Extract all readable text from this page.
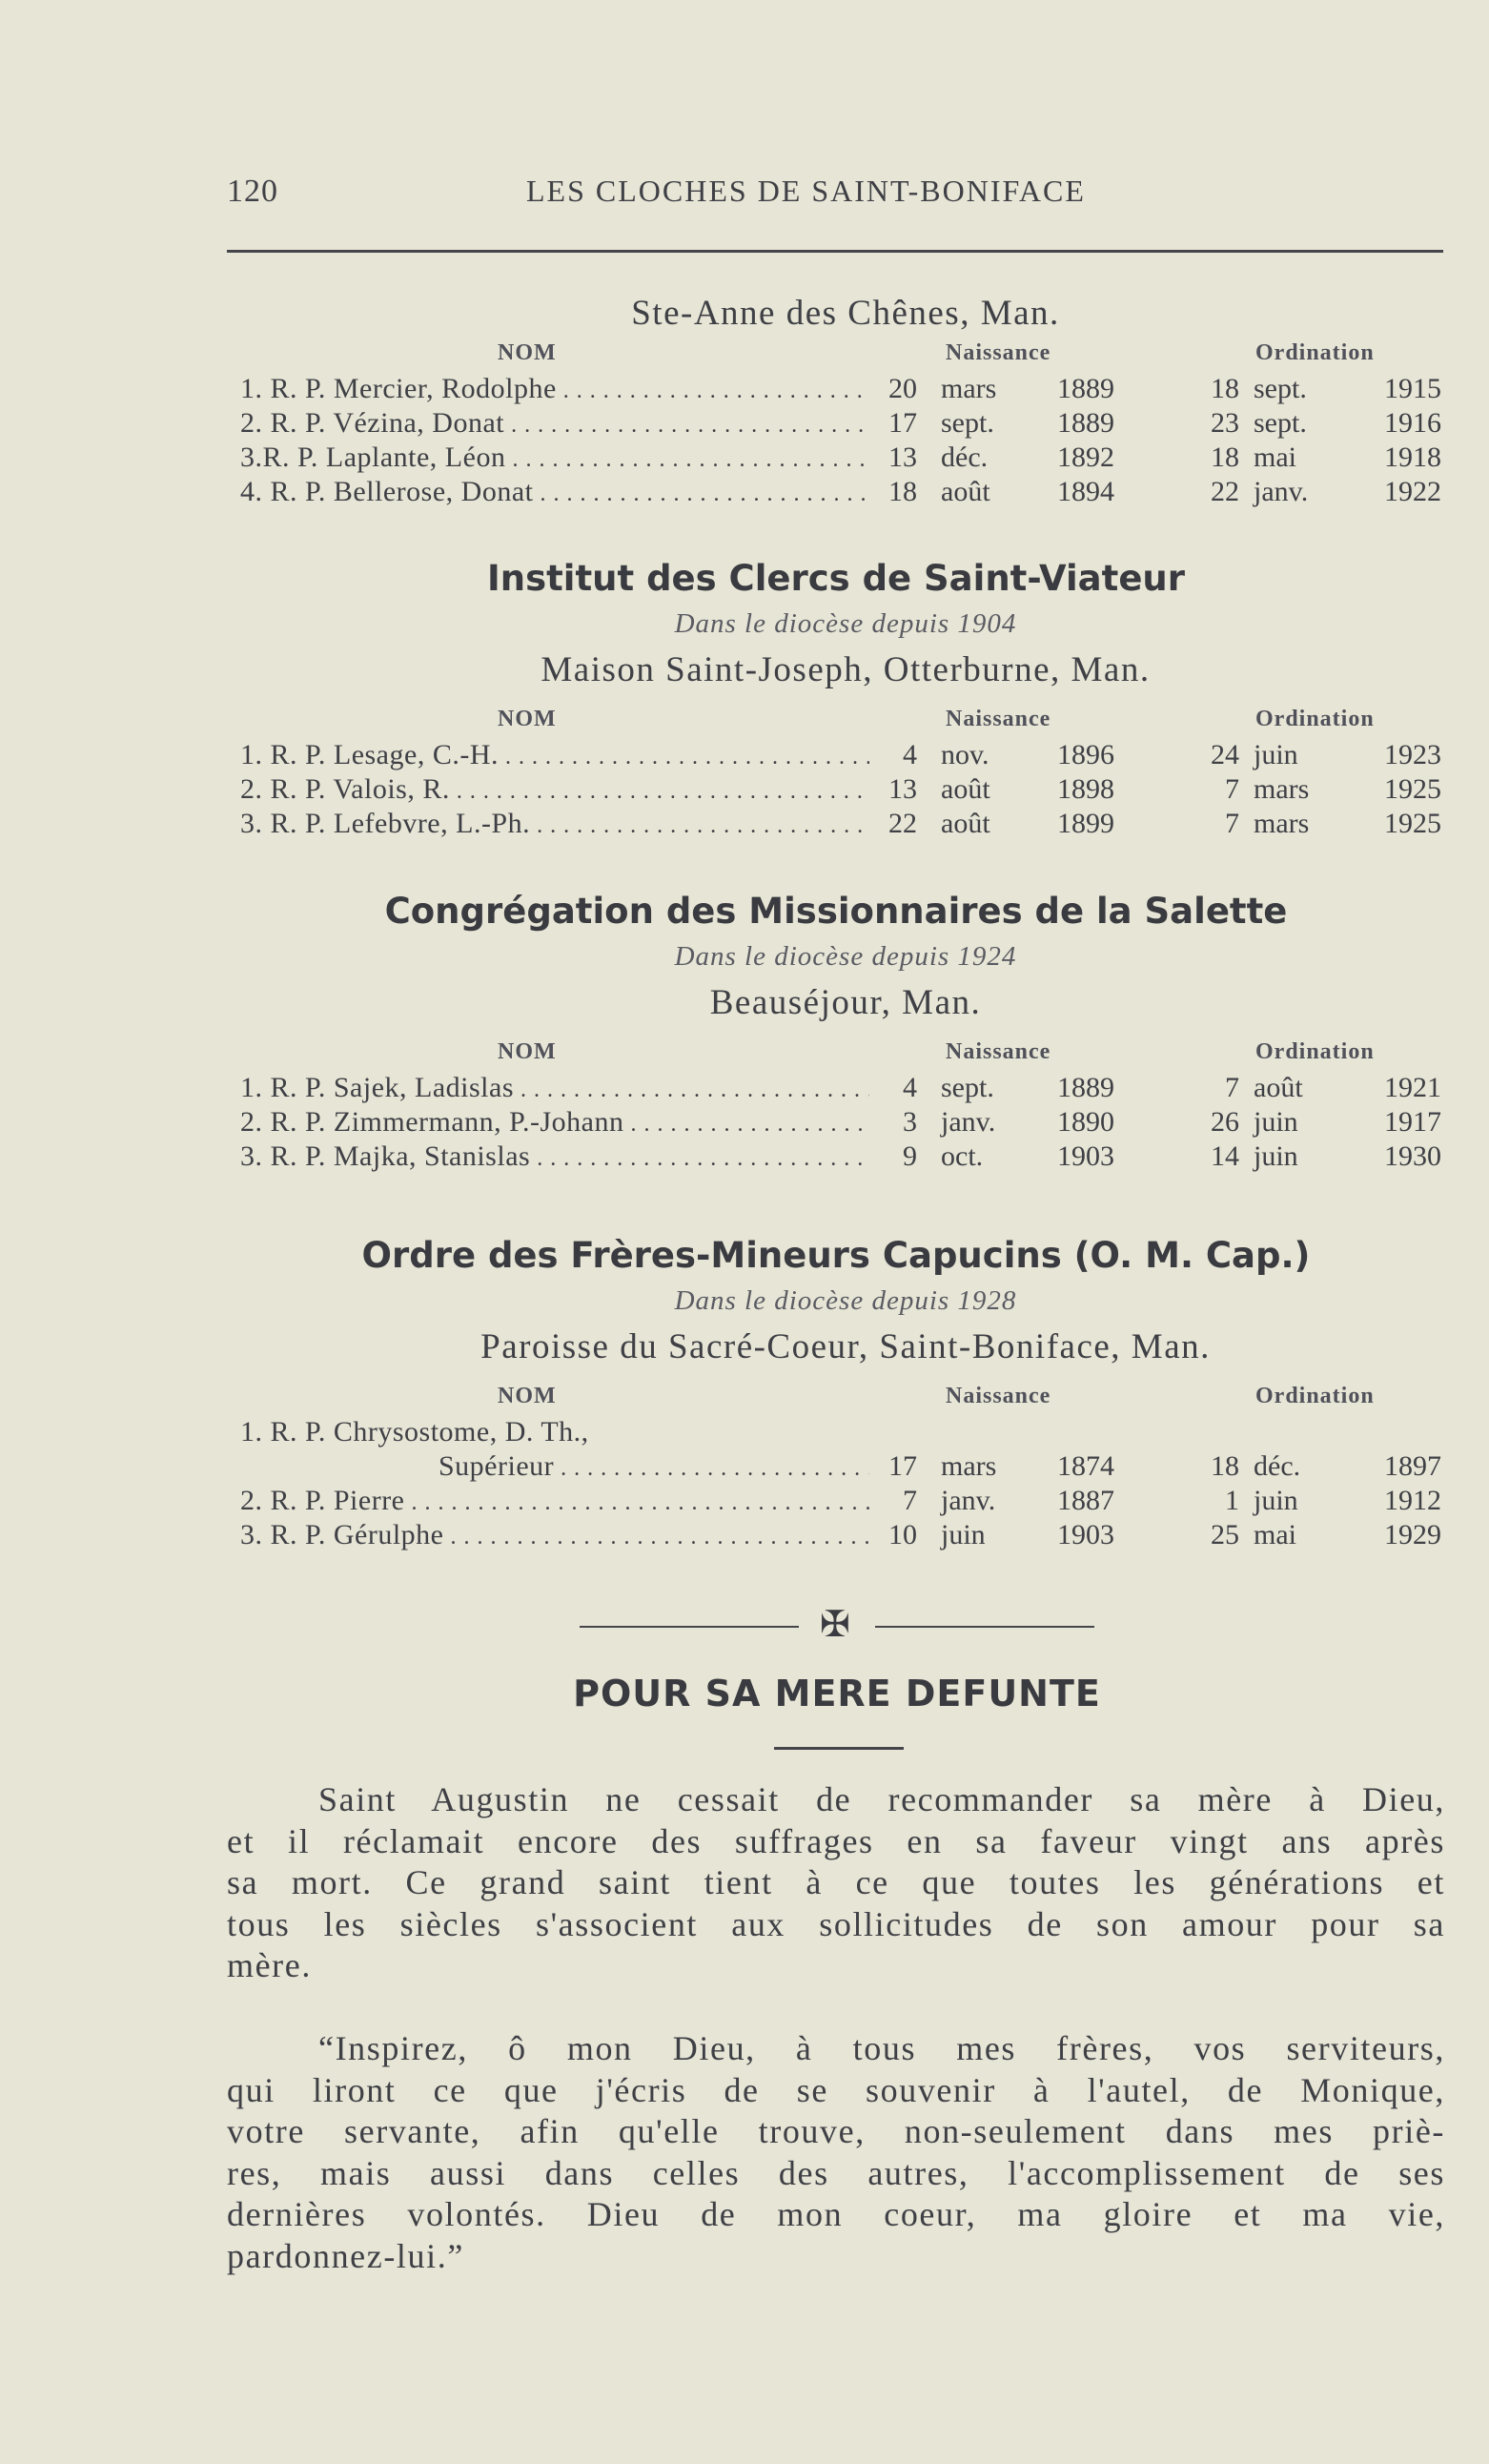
120	LES CLOCHES DE SAINT-BONIFACE
Ste-Anne des Chênes, Man.
NOM	Naissance	Ordination
1. R. P. Mercier, Rodolphe . . .	20 mars 1889	18 sept.	1915
2. R. P. Vézina, Donat . . .	17 sept. 1889	23 sept.	1916
3.R. P. Laplante, Léon . . .	13 déc. 1892	18 mai	1918
4. R. P. Bellerose, Donat . . .	18 août 1894	22 janv.	1922
Institut des Clercs de Saint-Viateur
Dans le diocèse depuis 1904
Maison Saint-Joseph, Otterburne, Man.
NOM	Naissance	Ordination
1. R. P. Lesage, C.-H. . . .	4 nov. 1896	24 juin	1923
2. R. P. Valois, R. . . .	13 août 1898	7 mars	1925
3. R. P. Lefebvre, L.-Ph. . . .	22 août 1899	7 mars	1925
Congrégation des Missionnaires de la Salette
Dans le diocèse depuis 1924
Beauséjour, Man.
NOM	Naissance	Ordination
1. R. P. Sajek, Ladislas . . .	4 sept. 1889	7 août	1921
2. R. P. Zimmermann, P.-Johann . . .	3 janv. 1890	26 juin	1917
3. R. P. Majka, Stanislas . . .	9 oct.	1903	14 juin	1930
Ordre des Frères-Mineurs Capucins (O. M. Cap.)
Dans le diocèse depuis 1928
Paroisse du Sacré-Coeur, Saint-Boniface, Man.
NOM	Naissance	Ordination
1. R. P. Chrysostome, D. Th.,
Supérieur . . .	17 mars 1874	18 déc.	1897
2. R. P. Pierre . . .	7 janv. 1887	1 juin	1912
3. R. P. Gérulphe . . .	10 juin	1903	25 mai	1929
✠
POUR SA MERE DEFUNTE
Saint Augustin ne cessait de recommander sa mère à Dieu,
et il réclamait encore des suffrages en sa faveur vingt ans après
sa mort. Ce grand saint tient à ce que toutes les générations et
tous les siècles s'associent aux sollicitudes de son amour pour sa
mère.
“Inspirez, ô mon Dieu, à tous mes frères, vos serviteurs,
qui liront ce que j'écris de se souvenir à l'autel, de Monique,
votre servante, afin qu'elle trouve, non-seulement dans mes priè-
res, mais aussi dans celles des autres, l'accomplissement de ses
dernières volontés. Dieu de mon coeur, ma gloire et ma vie,
pardonnez-lui.”
